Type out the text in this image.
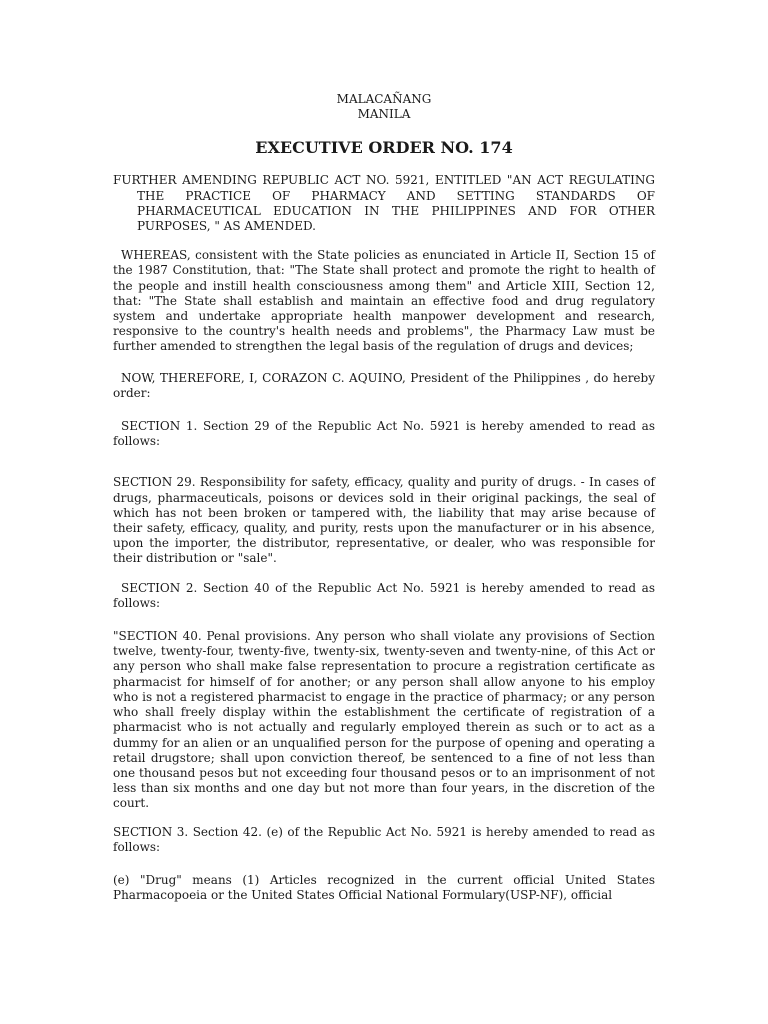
MALACAÑANG

MANILA

EXECUTIVE ORDER NO. 174

FURTHER AMENDING REPUBLIC ACT NO. 5921, ENTITLED "AN ACT REGULATING THE PRACTICE OF PHARMACY AND SETTING STANDARDS OF PHARMACEUTICAL EDUCATION IN THE PHILIPPINES AND FOR OTHER PURPOSES, " AS AMENDED.

WHEREAS, consistent with the State policies as enunciated in Article II, Section 15 of the 1987 Constitution, that: "The State shall protect and promote the right to health of the people and instill health consciousness among them" and Article XIII, Section 12, that: "The State shall establish and maintain an effective food and drug regulatory system and undertake appropriate health manpower development and research, responsive to the country's health needs and problems", the Pharmacy Law must be further amended to strengthen the legal basis of the regulation of drugs and devices;

NOW, THEREFORE, I, CORAZON C. AQUINO, President of the Philippines , do hereby order:

SECTION 1. Section 29 of the Republic Act No. 5921 is hereby amended to read as follows:

SECTION 29. Responsibility for safety, efficacy, quality and purity of drugs. - In cases of drugs, pharmaceuticals, poisons or devices sold in their original packings, the seal of which has not been broken or tampered with, the liability that may arise because of their safety, efficacy, quality, and purity, rests upon the manufacturer or in his absence, upon the importer, the distributor, representative, or dealer, who was responsible for their distribution or "sale".

SECTION 2. Section 40 of the Republic Act No. 5921 is hereby amended to read as follows:

"SECTION 40. Penal provisions. Any person who shall violate any provisions of Section twelve, twenty-four, twenty-five, twenty-six, twenty-seven and twenty-nine, of this Act or any person who shall make false representation to procure a registration certificate as pharmacist for himself of for another; or any person shall allow anyone to his employ who is not a registered pharmacist to engage in the practice of pharmacy; or any person who shall freely display within the establishment the certificate of registration of a pharmacist who is not actually and regularly employed therein as such or to act as a dummy for an alien or an unqualified person for the purpose of opening and operating a retail drugstore; shall upon conviction thereof, be sentenced to a fine of not less than one thousand pesos but not exceeding four thousand pesos or to an imprisonment of not less than six months and one day but not more than four years, in the discretion of the court.

SECTION 3. Section 42. (e) of the Republic Act No. 5921 is hereby amended to read as follows:

(e) "Drug" means (1) Articles recognized in the current official United States Pharmacopoeia or the United States Official National Formulary(USP-NF), official
